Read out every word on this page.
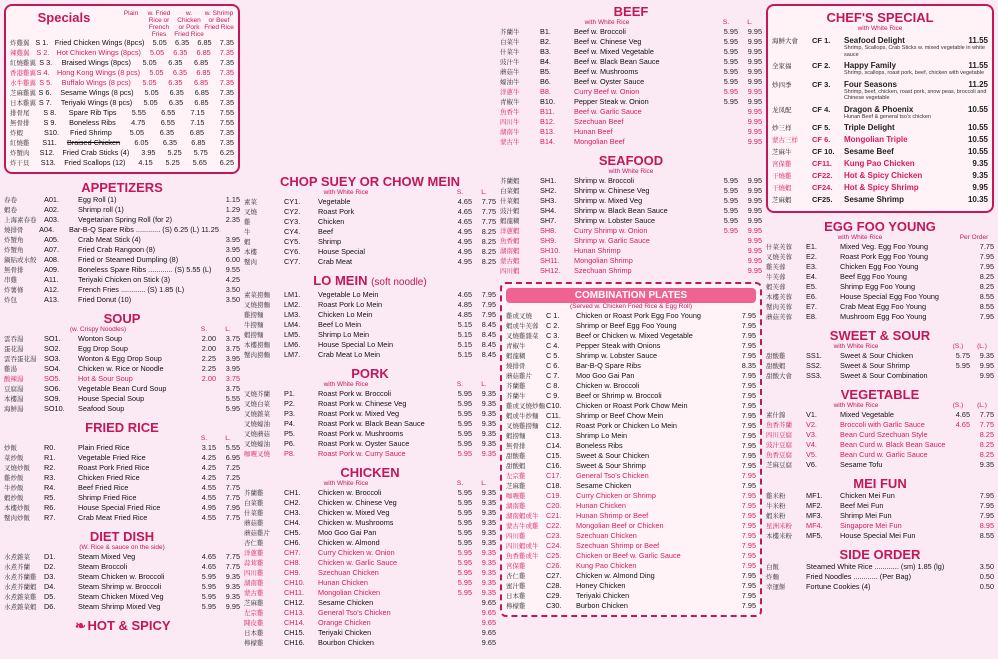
Specials	Plain	w. Fried Rice or French Fries
w. Chicken or Pork Fried Rice
w. Shrimp or Beef Fried Rice
炸雞翼 S 1. Fried Chicken Wings (8pcs)	5.05	6.35	6.85	7.35
辣雞翼 S 2. Hot Chicken Wings (8pcs)	5.05	6.35	6.85	7.35
紅燒雞翼 S 3.	Braised Wings (8pcs)	5.05	6.35	6.85	7.35
香港雞翼 S 4.	Hong Kong Wings (8 pcs)	5.05	6.35	6.85	7.35
水牛雞翼 S 5.	Buffalo Wings (8 pcs)	5.05	6.35	6.85	7.35
芝麻雞翼 S 6.	Sesame Wings (8 pcs)	5.05	6.35	6.85	7.35
日本雞翼 S 7.	Teriyaki Wings (8 pcs)	5.05	6.35	6.85	7.35
排骨尾	S 8.	Spare Rib Tips	5.55	6.55	7.15	7.55
無骨排	S 9.	Boneless Ribs	4.75	6.55	7.15	7.55
炸蝦	S10.	Fried Shrimp	5.05	6.35	6.85	7.35
紅燒雞	S11.	Braised Chicken	6.05	6.35	6.85	7.35
炸蟹肉	S12.	Fried Crab Sticks (4)	3.95	5.25	5.75	6.25
炸干貝	S13.	Fried Scallops (12)	4.15	5.25	5.65	6.25
APPETIZERS
春卷	A01.	Egg Roll (1)	1.15
蝦卷	A02.	Shrimp roll (1)	1.29
上海素春卷	A03.	Vegetarian Spring Roll (for 2)	2.35
燒排骨	A04.	Bar-B-Q Spare Ribs ............ (S) 6.25 (L) 11.25
炸蟹角	A05.	Crab Meat Stick (4)	3.95
炸蟹角	A07.	Fried Crab Rangoon (8)	3.95
鍋貼或水餃	A08.	Fried or Steamed Dumpling (8)	6.00
無骨排	A09.	Boneless Spare Ribs ............ (S) 5.55 (L)	9.55
串雞	A11.	Teriyaki Chicken on Stick (3)	4.25
炸薯條	A12.	French Fries ............ (S) 1.85 (L)	3.50
炸包	A13.	Fried Donut (10)	3.50
SOUP
(w. Crispy Noodles)	S.	L.
雲吞湯	SO1.	Wonton Soup	2.00	3.75
蛋花湯	SO2.	Egg Drop Soup	2.00	3.75
雲吞蛋花湯	SO3.	Wonton & Egg Drop Soup	2.25	3.95
雞湯	SO4.	Chicken w. Rice or Noodle	2.25	3.95
酸辣湯	SO5.	Hot & Sour Soup	2.00	3.75
豆腐湯	SO6.	Vegetable Bean Curd Soup	3.75
本樓湯	SO9.	House Special Soup	5.55
海鮮湯	SO10.	Seafood Soup	5.95
FRIED RICE
S.	L.
炒飯	R0.	Plain Fried Rice	3.15	5.55
菜炒飯	R1.	Vegetable Fried Rice	4.25	6.95
叉燒炒飯	R2.	Roast Pork Fried Rice	4.25	7.25
雞炒飯	R3.	Chicken Fried Rice	4.25	7.25
牛炒飯	R4.	Beef Fried Rice	4.55	7.75
蝦炒飯	R5.	Shrimp Fried Rice	4.55	7.75
本樓炒飯	R6.	House Special Fried Rice	4.95	7.95
蟹肉炒飯	R7.	Crab Meat Fried Rice	4.55	7.75
DIET DISH
(W. Rice & sauce on the side)
水煮雜菜	D1.	Steam Mixed Veg	4.65	7.75
水煮芥蘭	D2.	Steam Broccoli	4.65	7.75
水煮芥蘭雞	D3.	Steam Chicken w. Broccoli	5.95	9.35
水煮芥蘭蝦	D4.	Steam Shrimp w. Broccoli	5.95	9.35
水煮雜菜雞	D5.	Steam Chicken Mixed Veg	5.95	9.35
水煮雜菜蝦	D6.	Steam Shrimp Mixed Veg	5.95	9.95
❧ HOT & SPICY
CHOP SUEY OR CHOW MEIN
with White Rice	S.	L.
素菜	CY1.	Vegetable	4.65	7.75
叉燒	CY2.	Roast Pork	4.65	7.75
雞	CY3.	Chicken	4.65	7.75
牛	CY4.	Beef	4.95	8.25
蝦	CY5.	Shrimp	4.95	8.25
本樓	CY6.	House Special	4.95	8.25
蟹肉	CY7.	Crab Meat	4.95	8.25
LO MEIN (soft noodle)
素菜撈麵	LM1.	Vegetable Lo Mein	4.65	7.95
叉燒撈麵	LM2.	Roast Pork Lo Mein	4.85	7.95
雞撈麵	LM3.	Chicken Lo Mein	4.85	7.95
牛撈麵	LM4.	Beef Lo Mein	5.15	8.45
蝦撈麵	LM5.	Shrimp Lo Mein	5.15	8.45
本樓撈麵	LM6.	House Special Lo Mein	5.15	8.45
蟹肉撈麵	LM7.	Crab Meat Lo Mein	5.15	8.45
PORK
with White Rice	S.	L.
叉燒芥蘭	P1.	Roast Pork w. Broccoli	5.95	9.35
叉燒白菜	P2.	Roast Pork w. Chinese Veg	5.95	9.35
叉燒雜菜	P3.	Roast Pork w. Mixed Veg	5.95	9.35
叉燒蠔油	P4.	Roast Pork w. Black Bean Sauce	5.95	9.35
叉燒蘑菇	P5.	Roast Pork w. Mushrooms	5.95	9.35
叉燒蠔油	P6.	Roast Pork w. Oyster Sauce	5.95	9.35
咖喱叉燒	P8.	Roast Pork w. Curry Sauce	5.95	9.35
CHICKEN
with White Rice	S.	L.
芥蘭雞	CH1.	Chicken w. Broccoli	5.95	9.35
白菜雞	CH2.	Chicken w. Chinese Veg	5.95	9.35
什菜雞	CH3.	Chicken w. Mixed Veg	5.95	9.35
蘑菇雞	CH4.	Chicken w. Mushrooms	5.95	9.35
蘑菇雞片	CH5.	Moo Goo Gai Pan	5.95	9.35
杏仁雞	CH6.	Chicken w. Almond	5.95	9.35
洋蔥雞	CH7.	Curry Chicken w. Onion	5.95	9.35
蒜茸雞	CH8.	Chicken w. Garlic Sauce	5.95	9.35
四川雞	CH9.	Szechuan Chicken	5.95	9.35
湖南雞	CH10.	Hunan Chicken	5.95	9.35
蒙古雞	CH11.	Mongolian Chicken	5.95	9.35
芝麻雞	CH12.	Sesame Chicken	9.65
左宗雞	CH13.	General Tso's Chicken	9.65
陳皮雞	CH14.	Orange Chicken	9.65
日本雞	CH15.	Teriyaki Chicken	9.65
檸檬雞	CH16.	Bourbon Chicken	9.65
BEEF
with White Rice	S.	L.
芥蘭牛	B1.	Beef w. Broccoli	5.95	9.95
白菜牛	B2.	Beef w. Chinese Veg	5.95	9.95
什菜牛	B3.	Beef w. Mixed Vegetable	5.95	9.95
豉汁牛	B4.	Beef w. Black Bean Sauce	5.95	9.95
蘑菇牛	B5.	Beef w. Mushrooms	5.95	9.95
蠔油牛	B6.	Beef w. Oyster Sauce	5.95	9.95
洋蔥牛	B8.	Curry Beef w. Onion	5.95	9.95
青椒牛	B10.	Pepper Steak w. Onion	5.95	9.95
魚香牛	B11.	Beef w. Garlic Sauce	9.95
四川牛	B12.	Szechuan Beef	9.95
湖南牛	B13.	Hunan Beef	9.95
蒙古牛	B14.	Mongolian Beef	9.95
SEAFOOD
with White Rice
芥蘭蝦	SH1.	Shrimp w. Broccoli	5.95	9.95
白菜蝦	SH2.	Shrimp w. Chinese Veg	5.95	9.95
什菜蝦	SH3.	Shrimp w. Mixed Veg	5.95	9.95
豉汁蝦	SH4.	Shrimp w. Black Bean Sauce	5.95	9.95
蝦龍糊	SH7.	Shrimp w. Lobster Sauce	5.95	9.95
洋蔥蝦	SH8.	Curry Shrimp w. Onion	5.95	9.95
魚香蝦	SH9.	Shrimp w. Garlic Sauce	9.95
湖南蝦	SH10.	Hunan Shrimp	9.95
蒙古蝦	SH11.	Mongolian Shrimp	9.95
四川蝦	SH12.	Szechuan Shrimp	9.95
COMBINATION PLATES
(Served w. Chicken Fried Rice & Egg Roll)
雞或叉燒	C 1.	Chicken or Roast Pork Egg Foo Young	7.95
蝦或牛芙蓉	C 2.	Shrimp or Beef Egg Foo Young	7.95
叉燒雞雜菜	C 3.	Beef or Chicken w. Mixed Vegetable	7.95
青椒牛	C 4.	Pepper Steak with Onions	7.95
蝦龍糊	C 5.	Shrimp w. Lobster Sauce	7.95
燒排骨	C 6.	Bar-B-Q Spare Ribs	8.35
蘑菇雞片	C 7.	Moo Goo Gai Pan	7.95
芥蘭雞	C 8.	Chicken w. Broccoli	7.95
芥蘭牛	C 9.	Beef or Shrimp w. Broccoli	7.95
雞或叉燒炒麵 C10.	Chicken or Roast Pork Chow Mein	7.95
蝦或牛炒麵	C11.	Shrimp or Beef Chow Mein	7.95
叉燒雞撈麵	C12.	Roast Pork or Chicken Lo Mein	7.95
蝦撈麵	C13.	Shrimp Lo Mein	7.95
無骨排	C14.	Boneless Ribs	7.95
甜酸雞	C15.	Sweet & Sour Chicken	7.95
甜酸蝦	C16.	Sweet & Sour Shrimp	7.95
左宗雞	C17.	General Tso's Chicken	7.95
芝麻雞	C18.	Sesame Chicken	7.95
咖喱雞	C19.	Curry Chicken or Shrimp	7.95
湖南雞	C20.	Hunan Chicken	7.95
湖南蝦或牛	C21.	Hunan Shrimp or Beef	7.95
蒙古牛或雞	C22.	Mongolian Beef or Chicken	7.95
四川雞	C23.	Szechuan Chicken	7.95
四川蝦或牛	C24.	Szechuan Shrimp or Beef	7.95
魚香雞或牛	C25.	Chicken or Beef w. Garlic Sauce	7.95
宮保雞	C26.	Kung Pao Chicken	7.95
杏仁雞	C27.	Chicken w. Almond Ding	7.95
蜜汁雞	C28.	Honey Chicken	7.95
日本雞	C29.	Teriyaki Chicken	7.95
檸檬雞	C30.	Burbon Chicken	7.95
CHEF'S SPECIAL
with White Rice
海鮮大會	CF 1.	Seafood Delight	11.55
Shrimp, Scallops, Crab Sticks w. mixed vegetable in white sauce
全家福	CF 2.	Happy Family	11.55
Shrimp, scallops, roast pork, beef, chicken with vegetable
炒四季	CF 3.	Four Seasons	11.25
Shrimp, beef, chicken, roast pork, snow peas, broccoli and Chinese vegetable
龙凤配	CF 4.	Dragon & Phoenix	10.55
Hunan Beef & general tso's chicken
炒三样	CF 5.	Triple Delight	10.55
蒙古三样	CF 6.	Mongolian Triple	10.55
芝麻牛	CF 10.	Sesame Beef	10.55
宮保雞	CF11.	Kung Pao Chicken	9.35
干燒雞	CF22.	Hot & Spicy Chicken	9.35
干燒蝦	CF24.	Hot & Spicy Shrimp	9.95
芝麻蝦	CF25.	Sesame Shrimp	10.35
EGG FOO YOUNG
with White Rice	Per Order
什菜芙蓉	E1.	Mixed Veg. Egg Foo Young	7.75
叉燒芙蓉	E2.	Roast Pork Egg Foo Young	7.95
雞芙蓉	E3.	Chicken Egg Foo Young	7.95
牛芙蓉	E4.	Beef Egg Foo Young	8.25
蝦芙蓉	E5.	Shrimp Egg Foo Young	8.25
本樓芙蓉	E6.	House Special Egg Foo Young	8.55
蟹肉芙蓉	E7.	Crab Meat Egg Foo Young	8.55
蘑菇芙蓉	E8.	Mushroom Egg Foo Young	7.95
SWEET & SOUR
with White Rice	(S.)	(L.)
甜酸雞	SS1.	Sweet & Sour Chicken	5.75	9.35
甜酸蝦	SS2.	Sweet & Sour Shrimp	5.95	9.95
甜酸大會	SS3.	Sweet & Sour Combination	9.95
VEGETABLE
with White Rice	(S.)	(L.)
素什錦	V1.	Mixed Vegetable	4.65	7.75
魚香芥蘭	V2.	Broccoli with Garlic Sauce	4.65	7.75
四川豆腐	V3.	Bean Curd Szechuan Style	8.25
豉汁豆腐	V4.	Bean Curd w. Black Bean Sauce	8.25
魚香豆腐	V5.	Bean Curd w. Garlic Sauce	8.25
芝麻豆腐	V6.	Sesame Tofu	9.35
MEI FUN
雞米粉	MF1.	Chicken Mei Fun	7.95
牛米粉	MF2.	Beef Mei Fun	7.95
蝦米粉	MF3.	Shrimp Mei Fun	7.95
星洲米粉	MF4.	Singapore Mei Fun	8.95
本樓米粉	MF5.	House Special Mei Fun	8.55
SIDE ORDER
白飯	Steamed White Rice ............ (sm) 1.85 (lg)	3.50
炸麵	Fried Noodles ............ (Per Bag)	0.50
幸運餅	Fortune Cookies (4)	0.50
